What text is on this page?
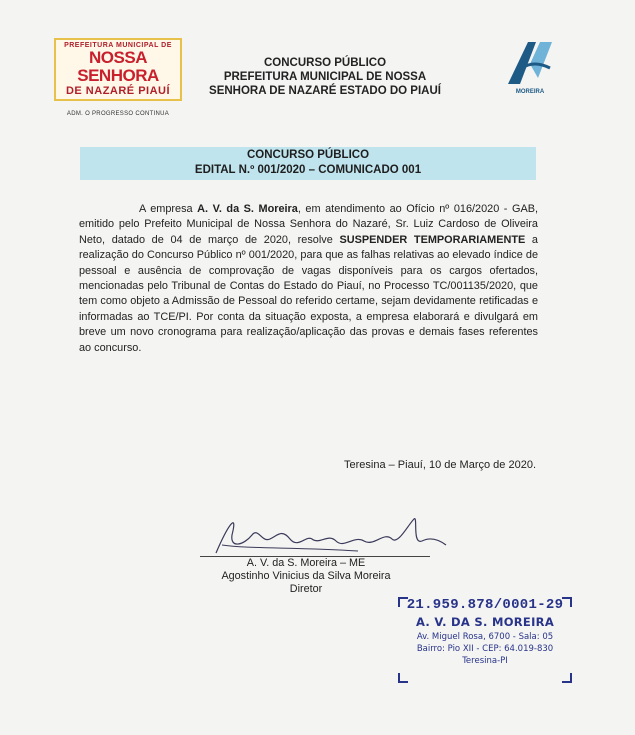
PREFEITURA MUNICIPAL DE
NOSSA SENHORA
DE NAZARÉ PIAUÍ
ADM. O PROGRESSO CONTINUA
CONCURSO PÚBLICO
PREFEITURA MUNICIPAL DE NOSSA
SENHORA DE NAZARÉ ESTADO DO PIAUÍ	MOREIRA

CONCURSO PÚBLICO
EDITAL N.º 001/2020 – COMUNICADO 001
A empresa A. V. da S. Moreira, em atendimento ao Ofício nº 016/2020 - GAB, emitido pelo Prefeito Municipal de Nossa Senhora do Nazaré, Sr. Luiz Cardoso de Oliveira Neto, datado de 04 de março de 2020, resolve SUSPENDER TEMPORARIAMENTE a realização do Concurso Público nº 001/2020, para que as falhas relativas ao elevado índice de pessoal e ausência de comprovação de vagas disponíveis para os cargos ofertados, mencionadas pelo Tribunal de Contas do Estado do Piauí, no Processo TC/001135/2020, que tem como objeto a Admissão de Pessoal do referido certame, sejam devidamente retificadas e informadas ao TCE/PI. Por conta da situação exposta, a empresa elaborará e divulgará em breve um novo cronograma para realização/aplicação das provas e demais fases referentes ao concurso.
Teresina – Piauí, 10 de Março de 2020.
A. V. da S. Moreira – ME
Agostinho Vinicius da Silva Moreira
Diretor
21.959.878/0001-29
A. V. DA S. MOREIRA
Av. Miguel Rosa, 6700 - Sala: 05
Bairro: Pio XII - CEP: 64.019-830
Teresina-PI
